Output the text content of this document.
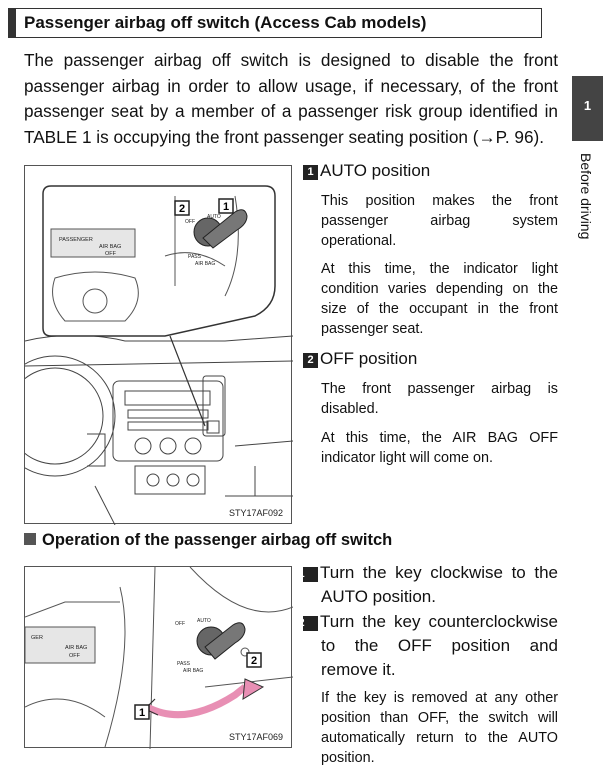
Passenger airbag off switch (Access Cab models)

The passenger airbag off switch is designed to disable the front passenger airbag in order to allow usage, if necessary, of the front passenger seat by a member of a passenger risk group identified in TABLE 1 is occupying the front passenger seating position (→P. 96).

1
Before driving
PASSENGER
AIR BAG
OFF
OFF
AUTO
PASS
AIR BAG
2	1
STY17AF092
1 AUTO position

This position makes the front passenger airbag system operational.

At this time, the indicator light condition varies depending on the size of the occupant in the front passenger seat.

2 OFF position

The front passenger airbag is disabled.

At this time, the AIR BAG OFF indicator light will come on.

Operation of the passenger airbag off switch
GER
AIR BAG
OFF
OFF AUTO
PASS
AIR BAG
1
2
STY17AF069
1 Turn the key clockwise to the AUTO position.
2 Turn the key counterclockwise to the OFF position and remove it.

If the key is removed at any other position than OFF, the switch will automatically return to the AUTO position.
